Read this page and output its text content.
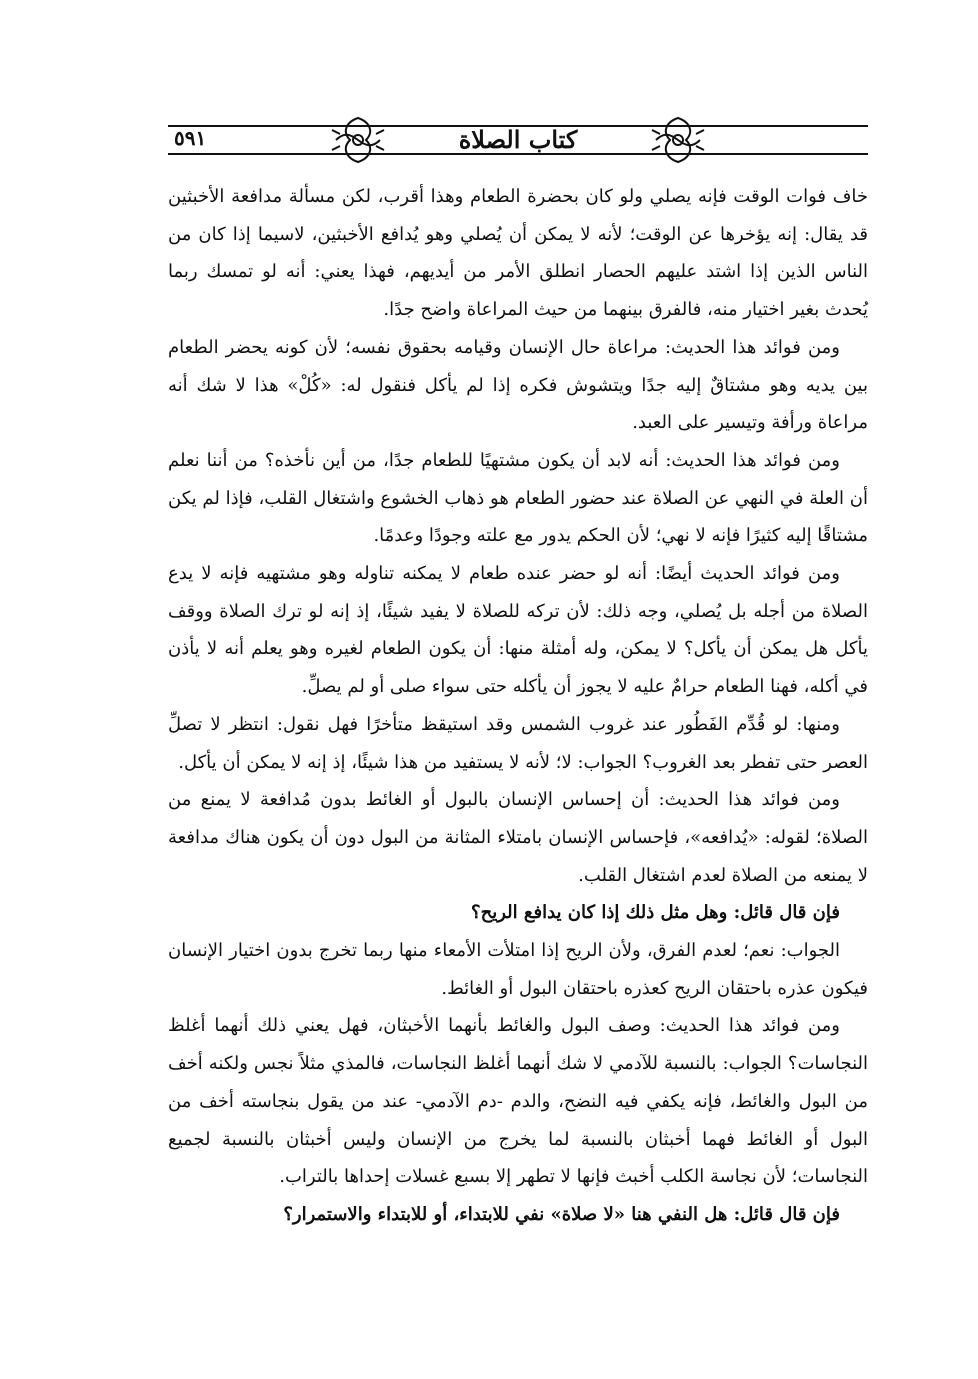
٥٩١	كتاب الصلاة

خاف فوات الوقت فإنه يصلي ولو كان بحضرة الطعام وهذا أقرب، لكن مسألة مدافعة الأخبثين قد يقال: إنه يؤخرها عن الوقت؛ لأنه لا يمكن أن يُصلي وهو يُدافع الأخبثين، لاسيما إذا كان من الناس الذين إذا اشتد عليهم الحصار انطلق الأمر من أيديهم، فهذا يعني: أنه لو تمسك ربما يُحدث بغير اختيار منه، فالفرق بينهما من حيث المراعاة واضح جدًا.

ومن فوائد هذا الحديث: مراعاة حال الإنسان وقيامه بحقوق نفسه؛ لأن كونه يحضر الطعام بين يديه وهو مشتاقٌ إليه جدًا ويتشوش فكره إذا لم يأكل فنقول له: «كُلْ» هذا لا شك أنه مراعاة ورأفة وتيسير على العبد.

ومن فوائد هذا الحديث: أنه لابد أن يكون مشتهيًا للطعام جدًا، من أين نأخذه؟ من أننا نعلم أن العلة في النهي عن الصلاة عند حضور الطعام هو ذهاب الخشوع واشتغال القلب، فإذا لم يكن مشتاقًا إليه كثيرًا فإنه لا نهي؛ لأن الحكم يدور مع علته وجودًا وعدمًا.

ومن فوائد الحديث أيضًا: أنه لو حضر عنده طعام لا يمكنه تناوله وهو مشتهيه فإنه لا يدع الصلاة من أجله بل يُصلي، وجه ذلك: لأن تركه للصلاة لا يفيد شيئًا، إذ إنه لو ترك الصلاة ووقف يأكل هل يمكن أن يأكل؟ لا يمكن، وله أمثلة منها: أن يكون الطعام لغيره وهو يعلم أنه لا يأذن في أكله، فهنا الطعام حرامٌ عليه لا يجوز أن يأكله حتى سواء صلى أو لم يصلِّ.

ومنها: لو قُدِّم الفَطُور عند غروب الشمس وقد استيقظ متأخرًا فهل نقول: انتظر لا تصلِّ العصر حتى تفطر بعد الغروب؟ الجواب: لا؛ لأنه لا يستفيد من هذا شيئًا، إذ إنه لا يمكن أن يأكل.

ومن فوائد هذا الحديث: أن إحساس الإنسان بالبول أو الغائط بدون مُدافعة لا يمنع من الصلاة؛ لقوله: «يُدافعه»، فإحساس الإنسان بامتلاء المثانة من البول دون أن يكون هناك مدافعة لا يمنعه من الصلاة لعدم اشتغال القلب.

فإن قال قائل: وهل مثل ذلك إذا كان يدافع الريح؟

الجواب: نعم؛ لعدم الفرق، ولأن الريح إذا امتلأت الأمعاء منها ربما تخرج بدون اختيار الإنسان فيكون عذره باحتقان الريح كعذره باحتقان البول أو الغائط.

ومن فوائد هذا الحديث: وصف البول والغائط بأنهما الأخبثان، فهل يعني ذلك أنهما أغلظ النجاسات؟ الجواب: بالنسبة للآدمي لا شك أنهما أغلظ النجاسات، فالمذي مثلاً نجس ولكنه أخف من البول والغائط، فإنه يكفي فيه النضح، والدم -دم الآدمي- عند من يقول بنجاسته أخف من البول أو الغائط فهما أخبثان بالنسبة لما يخرج من الإنسان وليس أخبثان بالنسبة لجميع النجاسات؛ لأن نجاسة الكلب أخبث فإنها لا تطهر إلا بسبع غسلات إحداها بالتراب.

فإن قال قائل: هل النفي هنا «لا صلاة» نفي للابتداء، أو للابتداء والاستمرار؟
